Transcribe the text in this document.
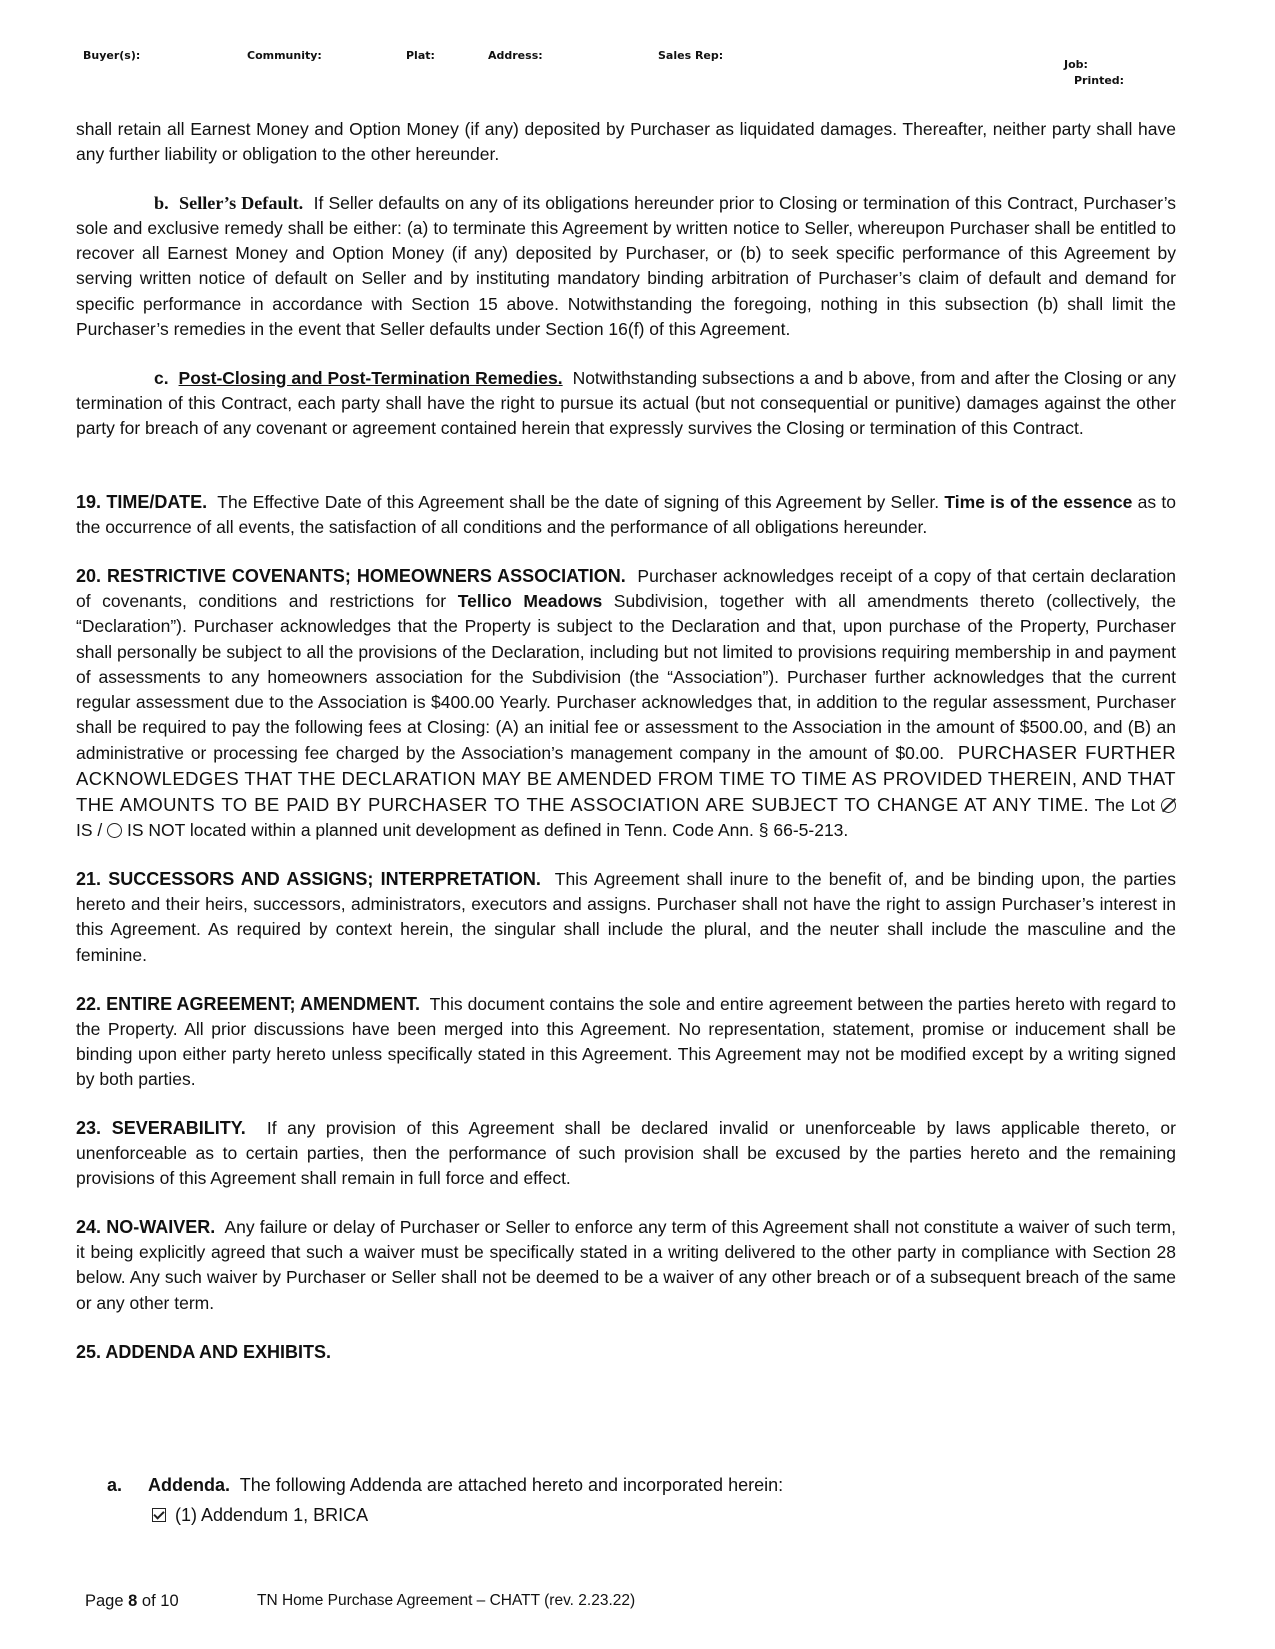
Buyer(s):	Community:	Plat:	Address:	Sales Rep:
Job:
Printed:

shall retain all Earnest Money and Option Money (if any) deposited by Purchaser as liquidated damages. Thereafter, neither party shall have any further liability or obligation to the other hereunder.

b. Seller’s Default. If Seller defaults on any of its obligations hereunder prior to Closing or termination of this Contract, Purchaser’s sole and exclusive remedy shall be either: (a) to terminate this Agreement by written notice to Seller, whereupon Purchaser shall be entitled to recover all Earnest Money and Option Money (if any) deposited by Purchaser, or (b) to seek specific performance of this Agreement by serving written notice of default on Seller and by instituting mandatory binding arbitration of Purchaser’s claim of default and demand for specific performance in accordance with Section 15 above. Notwithstanding the foregoing, nothing in this subsection (b) shall limit the Purchaser’s remedies in the event that Seller defaults under Section 16(f) of this Agreement.

c. Post-Closing and Post-Termination Remedies. Notwithstanding subsections a and b above, from and after the Closing or any termination of this Contract, each party shall have the right to pursue its actual (but not consequential or punitive) damages against the other party for breach of any covenant or agreement contained herein that expressly survives the Closing or termination of this Contract.

19. TIME/DATE. The Effective Date of this Agreement shall be the date of signing of this Agreement by Seller. Time is of the essence as to the occurrence of all events, the satisfaction of all conditions and the performance of all obligations hereunder.

20. RESTRICTIVE COVENANTS; HOMEOWNERS ASSOCIATION. Purchaser acknowledges receipt of a copy of that certain declaration of covenants, conditions and restrictions for Tellico Meadows Subdivision, together with all amendments thereto (collectively, the “Declaration”). Purchaser acknowledges that the Property is subject to the Declaration and that, upon purchase of the Property, Purchaser shall personally be subject to all the provisions of the Declaration, including but not limited to provisions requiring membership in and payment of assessments to any homeowners association for the Subdivision (the “Association”). Purchaser further acknowledges that the current regular assessment due to the Association is $400.00 Yearly. Purchaser acknowledges that, in addition to the regular assessment, Purchaser shall be required to pay the following fees at Closing: (A) an initial fee or assessment to the Association in the amount of $500.00, and (B) an administrative or processing fee charged by the Association’s management company in the amount of $0.00. PURCHASER FURTHER ACKNOWLEDGES THAT THE DECLARATION MAY BE AMENDED FROM TIME TO TIME AS PROVIDED THEREIN, AND THAT THE AMOUNTS TO BE PAID BY PURCHASER TO THE ASSOCIATION ARE SUBJECT TO CHANGE AT ANY TIME. The Lot  IS / IS NOT located within a planned unit development as defined in Tenn. Code Ann. § 66-5-213.

21. SUCCESSORS AND ASSIGNS; INTERPRETATION. This Agreement shall inure to the benefit of, and be binding upon, the parties hereto and their heirs, successors, administrators, executors and assigns. Purchaser shall not have the right to assign Purchaser’s interest in this Agreement. As required by context herein, the singular shall include the plural, and the neuter shall include the masculine and the feminine.

22. ENTIRE AGREEMENT; AMENDMENT. This document contains the sole and entire agreement between the parties hereto with regard to the Property. All prior discussions have been merged into this Agreement. No representation, statement, promise or inducement shall be binding upon either party hereto unless specifically stated in this Agreement. This Agreement may not be modified except by a writing signed by both parties.

23. SEVERABILITY. If any provision of this Agreement shall be declared invalid or unenforceable by laws applicable thereto, or unenforceable as to certain parties, then the performance of such provision shall be excused by the parties hereto and the remaining provisions of this Agreement shall remain in full force and effect.

24. NO-WAIVER. Any failure or delay of Purchaser or Seller to enforce any term of this Agreement shall not constitute a waiver of such term, it being explicitly agreed that such a waiver must be specifically stated in a writing delivered to the other party in compliance with Section 28 below. Any such waiver by Purchaser or Seller shall not be deemed to be a waiver of any other breach or of a subsequent breach of the same or any other term.

25. ADDENDA AND EXHIBITS.

a. Addenda. The following Addenda are attached hereto and incorporated herein:
(1) Addendum 1, BRICA
Page 8 of 10	TN Home Purchase Agreement – CHATT (rev. 2.23.22)
